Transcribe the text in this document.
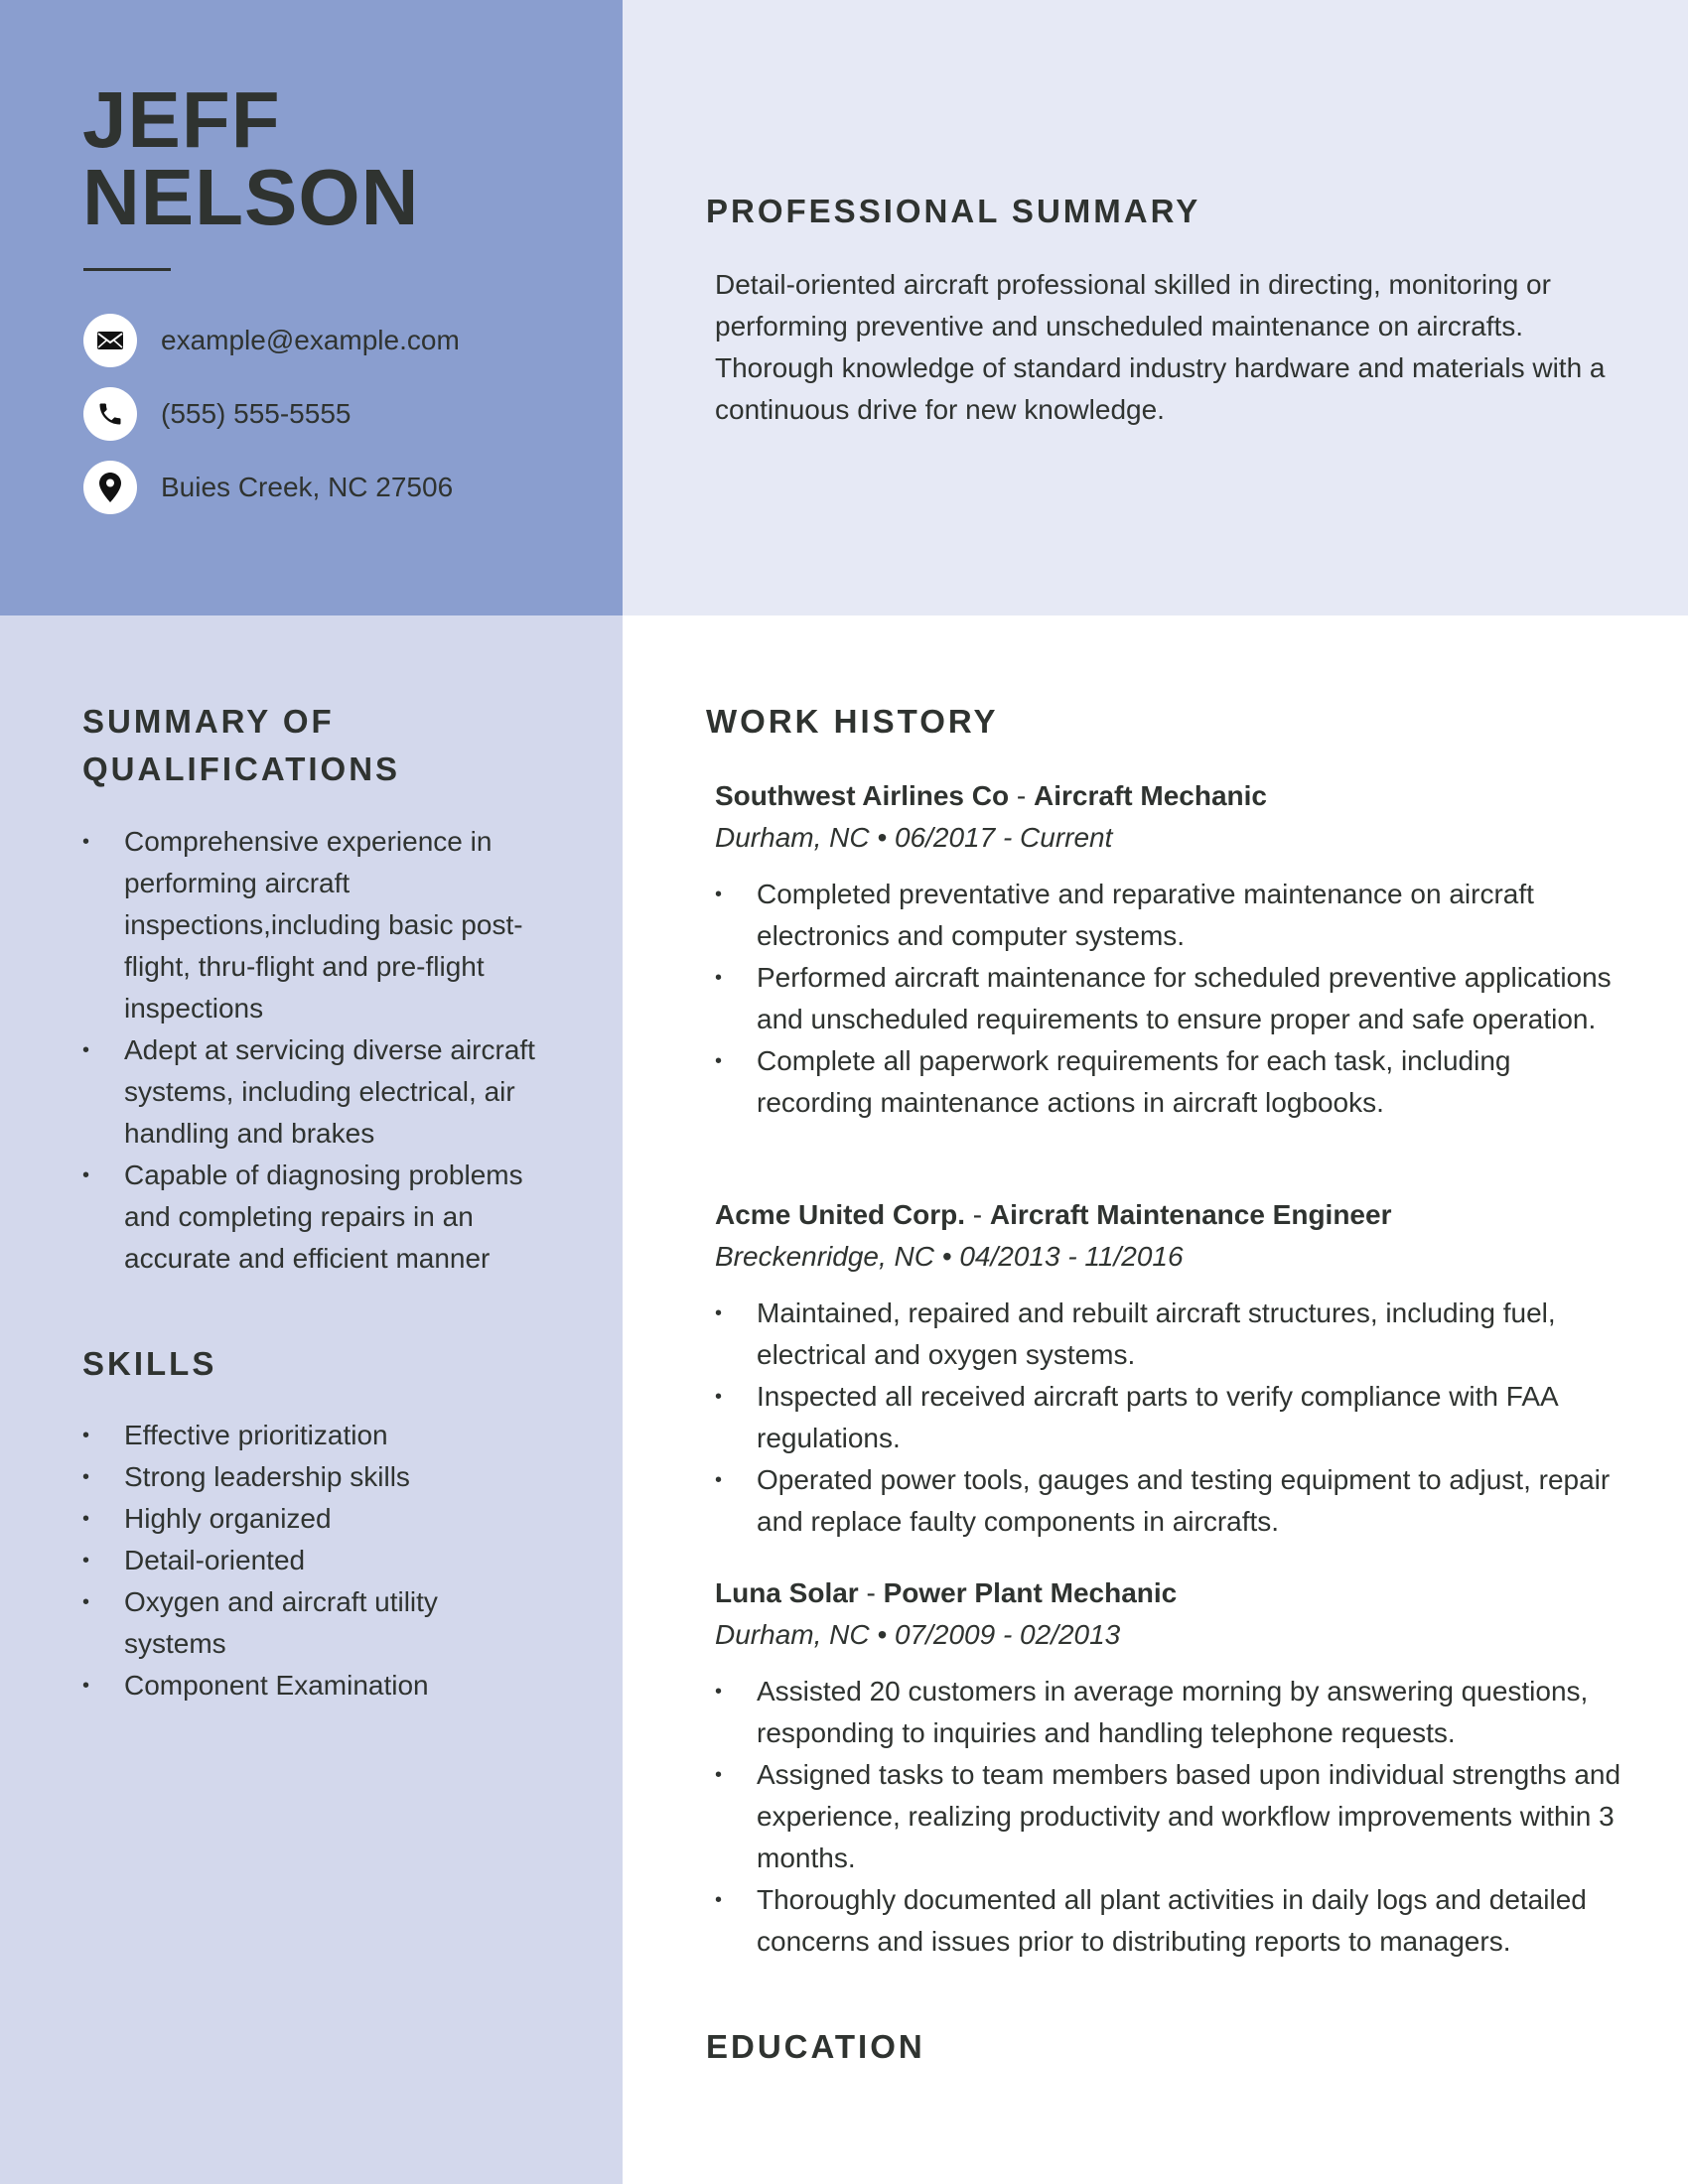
JEFF
NELSON
example@example.com
(555) 555-5555
Buies Creek, NC 27506
PROFESSIONAL SUMMARY
Detail-oriented aircraft professional skilled in directing, monitoring or performing preventive and unscheduled maintenance on aircrafts. Thorough knowledge of standard industry hardware and materials with a continuous drive for new knowledge.
SUMMARY OF
QUALIFICATIONS
• Comprehensive experience in performing aircraft inspections,including basic post-flight, thru-flight and pre-flight inspections
• Adept at servicing diverse aircraft systems, including electrical, air handling and brakes
• Capable of diagnosing problems and completing repairs in an accurate and efficient manner
SKILLS
• Effective prioritization
• Strong leadership skills
• Highly organized
• Detail-oriented
• Oxygen and aircraft utility systems
• Component Examination
WORK HISTORY
Southwest Airlines Co - Aircraft Mechanic
Durham, NC • 06/2017 - Current
• Completed preventative and reparative maintenance on aircraft electronics and computer systems.
• Performed aircraft maintenance for scheduled preventive applications and unscheduled requirements to ensure proper and safe operation.
• Complete all paperwork requirements for each task, including recording maintenance actions in aircraft logbooks.
Acme United Corp. - Aircraft Maintenance Engineer
Breckenridge, NC • 04/2013 - 11/2016
• Maintained, repaired and rebuilt aircraft structures, including fuel, electrical and oxygen systems.
• Inspected all received aircraft parts to verify compliance with FAA regulations.
• Operated power tools, gauges and testing equipment to adjust, repair and replace faulty components in aircrafts.
Luna Solar - Power Plant Mechanic
Durham, NC • 07/2009 - 02/2013
• Assisted 20 customers in average morning by answering questions, responding to inquiries and handling telephone requests.
• Assigned tasks to team members based upon individual strengths and experience, realizing productivity and workflow improvements within 3 months.
• Thoroughly documented all plant activities in daily logs and detailed concerns and issues prior to distributing reports to managers.
EDUCATION
